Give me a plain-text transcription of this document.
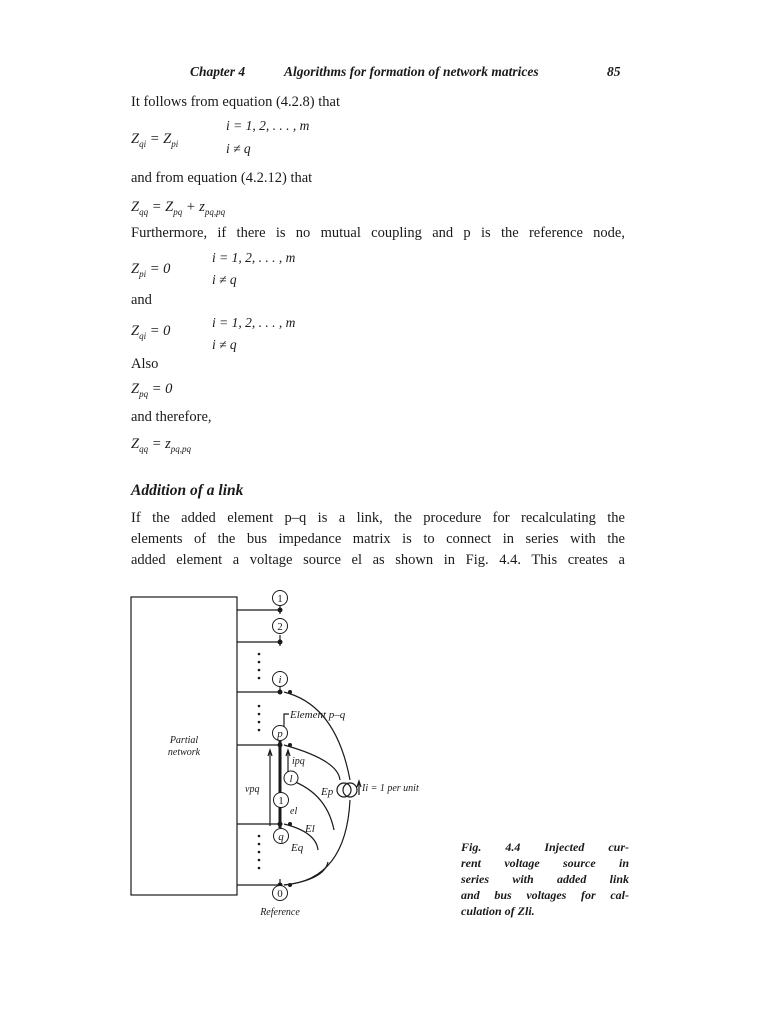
Chapter 4	Algorithms for formation of network matrices	85
It follows from equation (4.2.8) that
$Z_{qi} = Z_{pi}$
i = 1, 2, . . . , m
i ≠ q
and from equation (4.2.12) that
$Z_{qq} = Z_{pq} + z_{pq,pq}$
Furthermore, if there is no mutual coupling and p is the reference node,
$Z_{pi} = 0$
i = 1, 2, . . . , m
i ≠ q
and
$Z_{qi} = 0$
i = 1, 2, . . . , m
i ≠ q
Also
$Z_{pq} = 0$
and therefore,
$Z_{qq} = z_{pq,pq}$
Addition of a link
If the added element p–q is a link, the procedure for recalculating the
elements of the bus impedance matrix is to connect in series with the
added element a voltage source el as shown in Fig. 4.4. This creates a
1
2
i
p
l
1
q
0
Partial
network
Element p–q
ipq
vpq
el
Ep
El
Eq
Ii = 1 per unit
Reference
Fig. 4.4 Injected cur-
rent voltage source in
series with added link
and bus voltages for cal-
culation of Zli.
